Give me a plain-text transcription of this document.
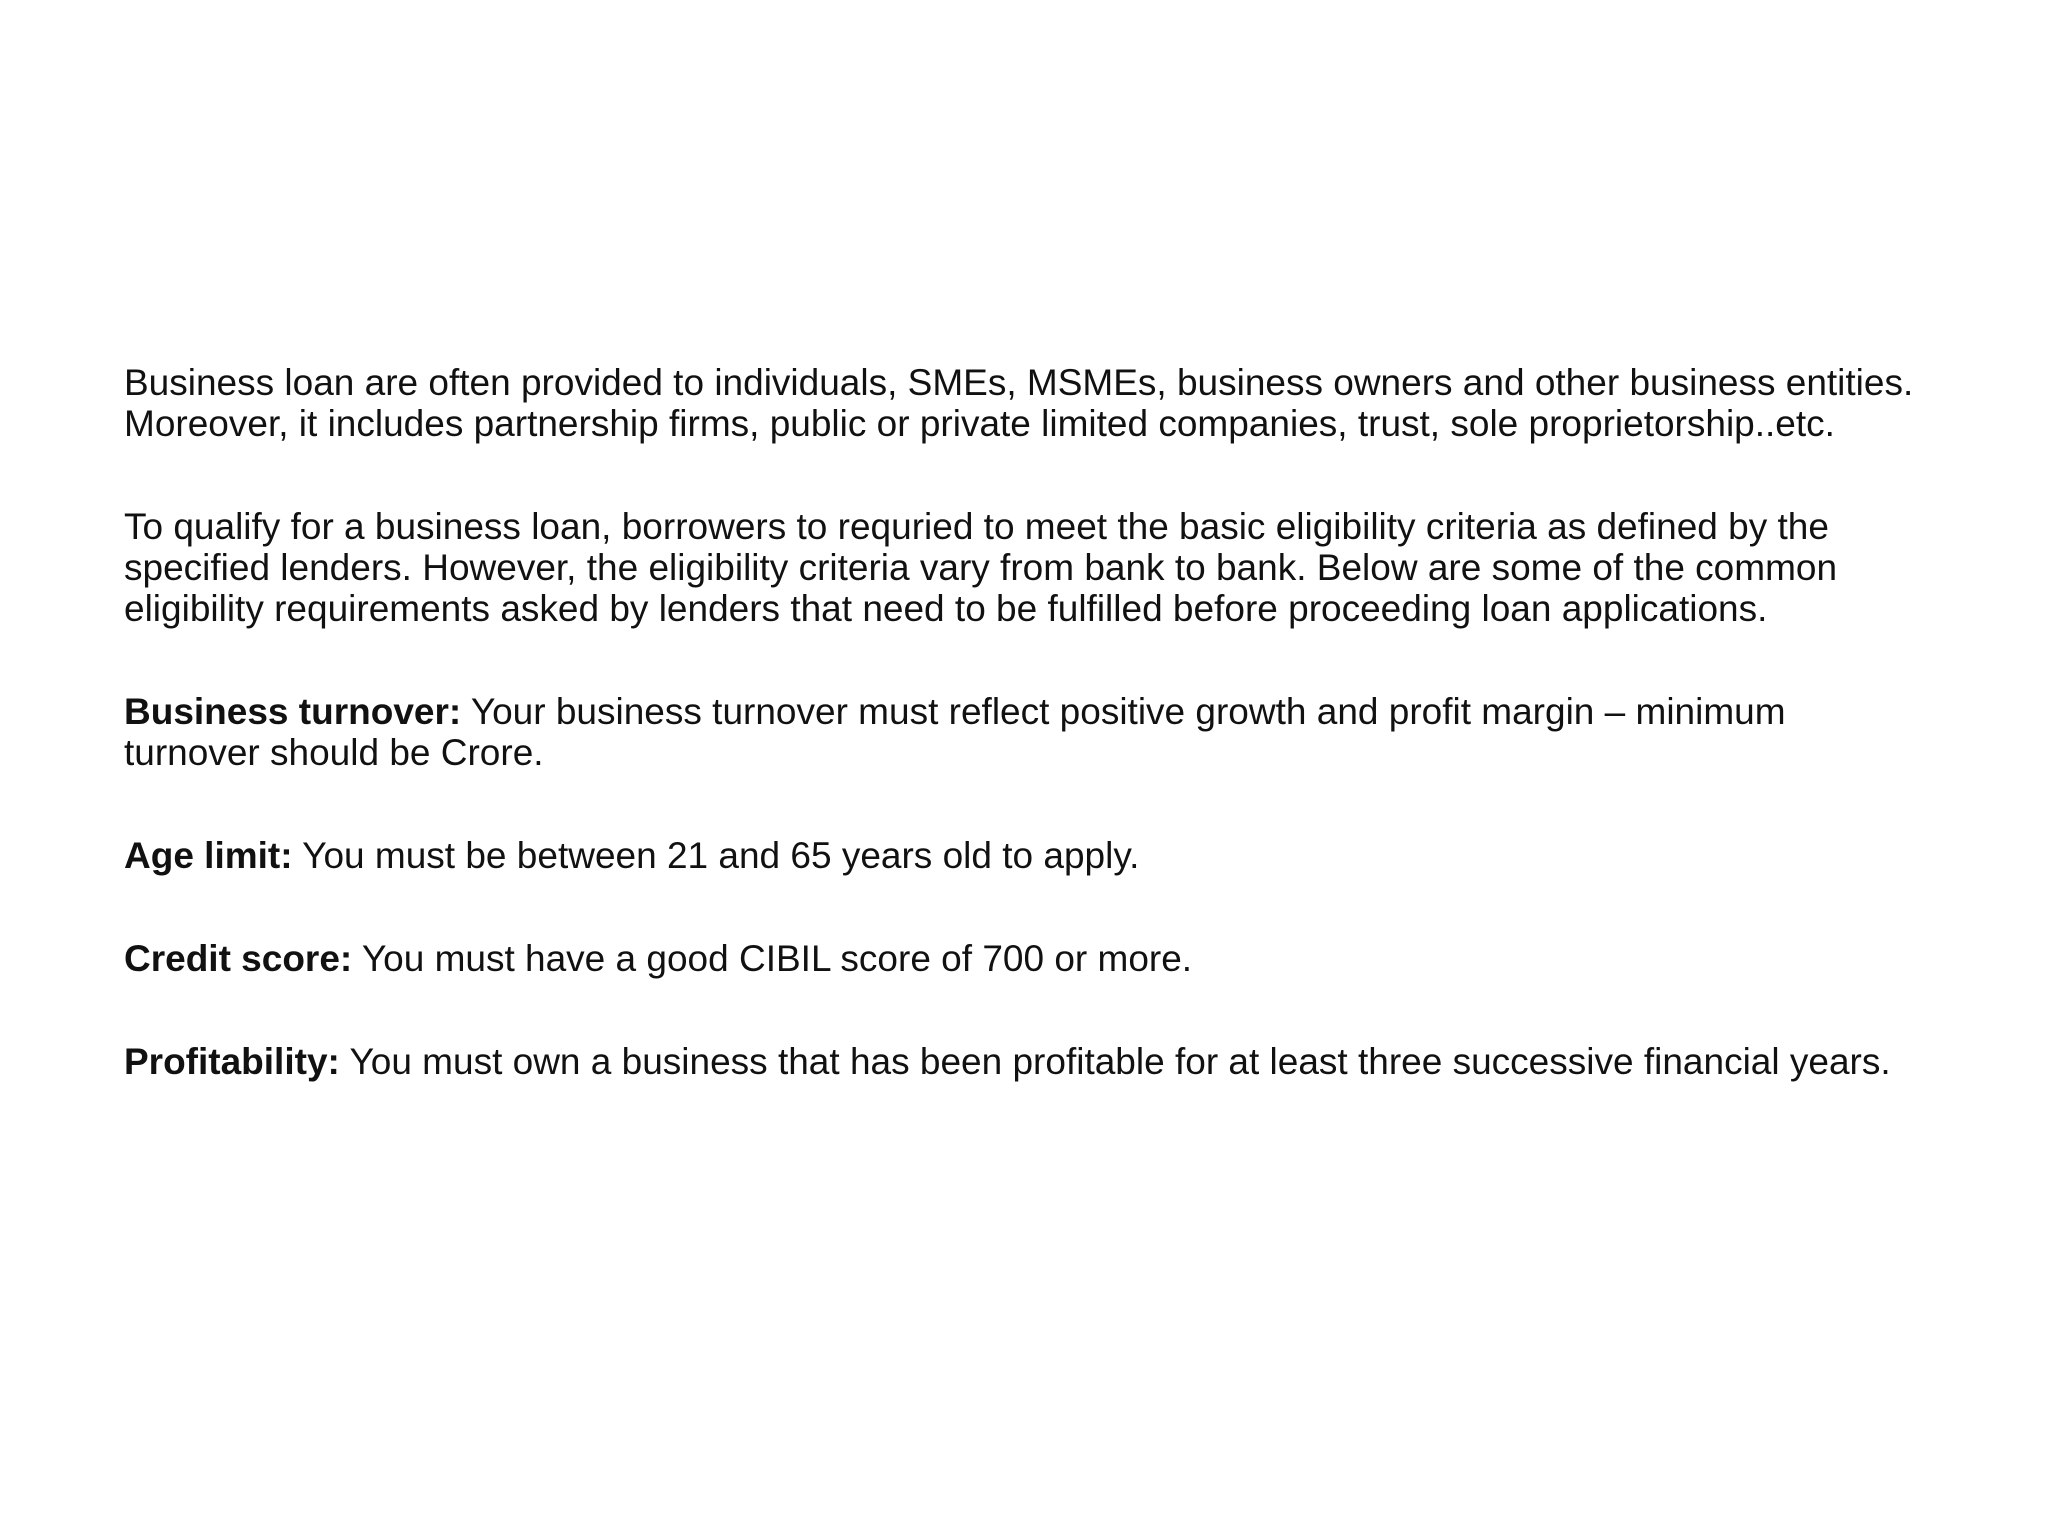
Business loan are often provided to individuals, SMEs, MSMEs, business owners and other business entities. Moreover, it includes partnership firms, public or private limited companies, trust, sole proprietorship..etc.

To qualify for a business loan, borrowers to requried to meet the basic eligibility criteria as defined by the specified lenders. However, the eligibility criteria vary from bank to bank. Below are some of the common eligibility requirements asked by lenders that need to be fulfilled before proceeding loan applications.

Business turnover: Your business turnover must reflect positive growth and profit margin – minimum turnover should be Crore.

Age limit: You must be between 21 and 65 years old to apply.

Credit score: You must have a good CIBIL score of 700 or more.

Profitability: You must own a business that has been profitable for at least three successive financial years.
